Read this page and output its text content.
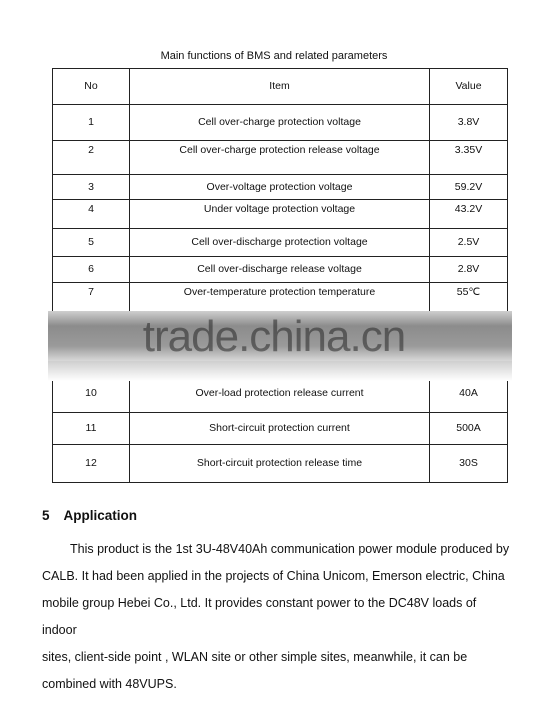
Main functions of BMS and related parameters
No	Item	Value
1	Cell over-charge protection voltage	3.8V
2	Cell over-charge protection release voltage	3.35V
3	Over-voltage protection voltage	59.2V
4	Under voltage protection voltage	43.2V
5	Cell over-discharge protection voltage	2.5V
6	Cell over-discharge release voltage	2.8V
7	Over-temperature protection temperature	55℃
10	Over-load protection release current	40A
11	Short-circuit protection current	500A
12	Short-circuit protection release time	30S
trade.china.cn
5 Application
This product is the 1st 3U-48V40Ah communication power module produced by
CALB. It had been applied in the projects of China Unicom, Emerson electric, China
mobile group Hebei Co., Ltd. It provides constant power to the DC48V loads of indoor
sites, client-side point , WLAN site or other simple sites, meanwhile, it can be
combined with 48VUPS.
